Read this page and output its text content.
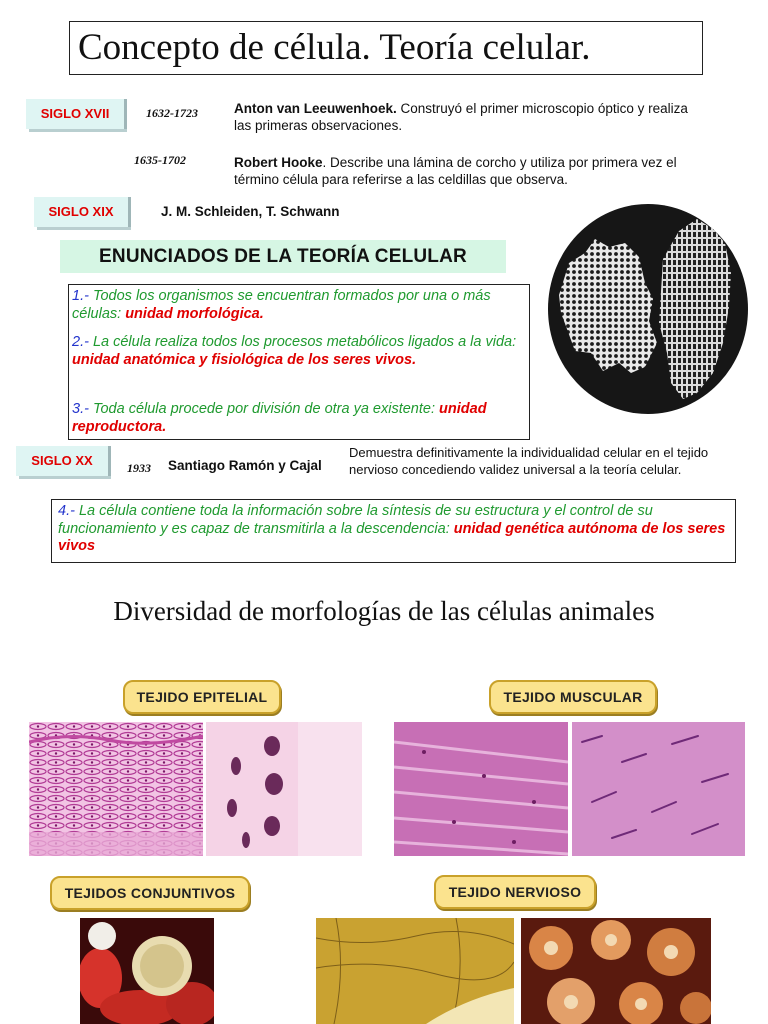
Concepto de célula. Teoría celular.
SIGLO XVII	1632-1723	Anton van Leeuwenhoek. Construyó el primer microscopio óptico y realiza las primeras observaciones.
1635-1702	Robert Hooke. Describe una lámina de corcho y utiliza por primera vez el término célula para referirse a las celdillas que observa.
SIGLO XIX	J. M. Schleiden, T. Schwann
ENUNCIADOS DE LA TEORÍA CELULAR
1.- Todos los organismos se encuentran formados por una o más células: unidad morfológica.
2.- La célula realiza todos los procesos metabólicos ligados a la vida: unidad anatómica y fisiológica de los seres vivos.
3.- Toda célula procede por división de otra ya existente: unidad reproductora.
SIGLO XX	1933 Santiago Ramón y Cajal
Demuestra definitivamente la individualidad celular en el tejido nervioso concediendo validez universal a la teoría celular.
4.- La célula contiene toda la información sobre la síntesis de su estructura y el control de su funcionamiento y es capaz de transmitirla a la descendencia: unidad genética autónoma de los seres vivos
Diversidad de morfologías de las células animales
TEJIDO EPITELIAL	TEJIDO MUSCULAR
TEJIDOS CONJUNTIVOS	TEJIDO NERVIOSO
